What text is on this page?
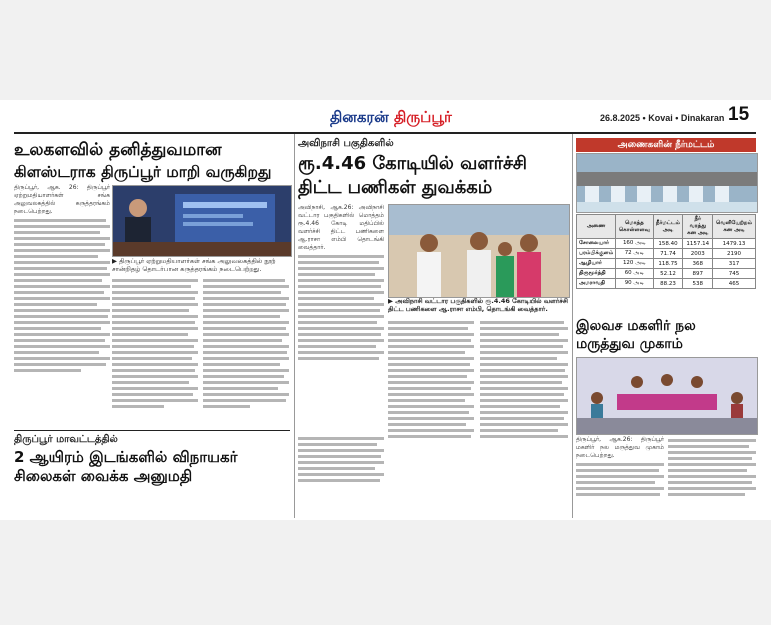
தினகரன் திருப்பூர்	26.8.2025 • Kovai • Dinakaran 15
உலகளவில் தனித்துவமான
கிளஸ்டராக திருப்பூர் மாறி வருகிறது
திருப்பூர், ஆக. 26: திருப்பூர் ஏற்றுமதியாளர்கள் சங்க அலுவலகத்தில் கருத்தரங்கம் நடைபெற்றது.
▶ திருப்பூர் ஏற்றுமதியாளர்கள் சங்க அலுவலகத்தில் நூற் சான்றிதழ் தொடர்பான கருத்தரங்கம் நடைபெற்றது.
திருப்பூர் மாவட்டத்தில்
2 ஆயிரம் இடங்களில் விநாயகர் சிலைகள் வைக்க அனுமதி
அவிநாசி பகுதிகளில்
ரூ.4.46 கோடியில் வளர்ச்சி
திட்ட பணிகள் துவக்கம்
அவிநாசி, ஆக.26: அவிநாசி வட்டார பகுதிகளில் மொத்தம் ரூ.4.46 கோடி மதிப்பில் வளர்ச்சி திட்ட பணிகளை ஆ.ராசா எம்பி தொடங்கி வைத்தார்.
▶ அவிநாசி வட்டார பகுதிகளில் ரூ.4.46 கோடியில் வளர்ச்சி திட்ட பணிகளை ஆ.ராசா எம்பி, தொடங்கி வைத்தார்.
அணைகளின் நீர்மட்டம்
அணை	மொத்த கொள்ளளவு	நீர்மட்டம் அடி	நீர் வரத்து கன அடி	வெளியேற்றம் கன அடி
சோலையார்	160 அடி	158.40	1157.14	1479.13
பரம்பிக்குளம்	72 அடி	71.74	2003	2190
ஆழியார்	120 அடி	118.75	368	317
திருமூர்த்தி	60 அடி	52.12	897	745
அமராவதி	90 அடி	88.23	538	465
இலவச மகளிர் நல
மருத்துவ முகாம்
திருப்பூர், ஆக.26: திருப்பூர் மகளிர் நல மருத்துவ முகாம் நடைபெற்றது.
